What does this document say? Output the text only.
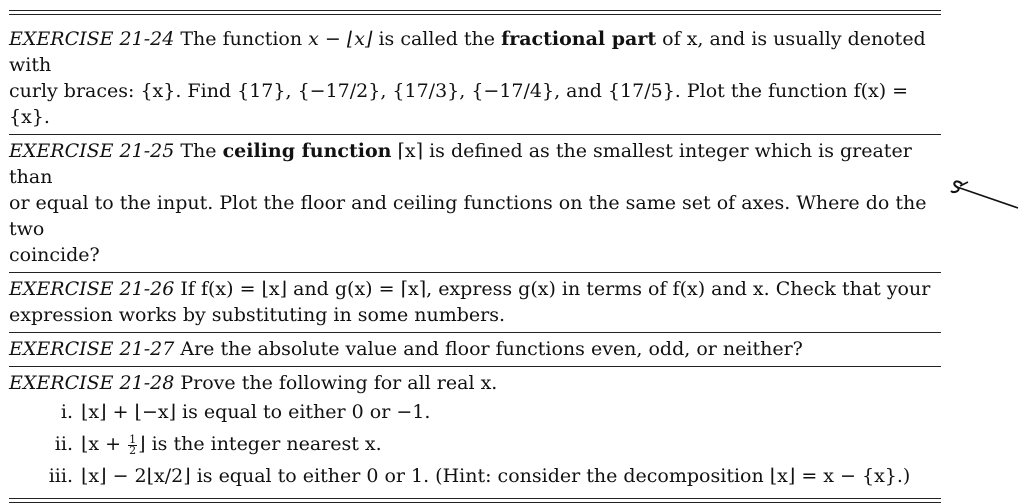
EXERCISE 21-24 The function x − ⌊x⌋ is called the fractional part of x, and is usually denoted with
curly braces: {x}. Find {17}, {−17/2}, {17/3}, {−17/4}, and {17/5}. Plot the function f(x) = {x}.
EXERCISE 21-25 The ceiling function ⌈x⌉ is defined as the smallest integer which is greater than
or equal to the input. Plot the floor and ceiling functions on the same set of axes. Where do the two
coincide?
EXERCISE 21-26 If f(x) = ⌊x⌋ and g(x) = ⌈x⌉, express g(x) in terms of f(x) and x. Check that your
expression works by substituting in some numbers.
EXERCISE 21-27 Are the absolute value and floor functions even, odd, or neither?
EXERCISE 21-28 Prove the following for all real x.
i. ⌊x⌋ + ⌊−x⌋ is equal to either 0 or −1.
ii. ⌊x + $\frac{1}{2}$ ⌋ is the integer nearest x.
iii. ⌊x⌋ − 2⌊x/2⌋ is equal to either 0 or 1. (Hint: consider the decomposition ⌊x⌋ = x − {x}.)
